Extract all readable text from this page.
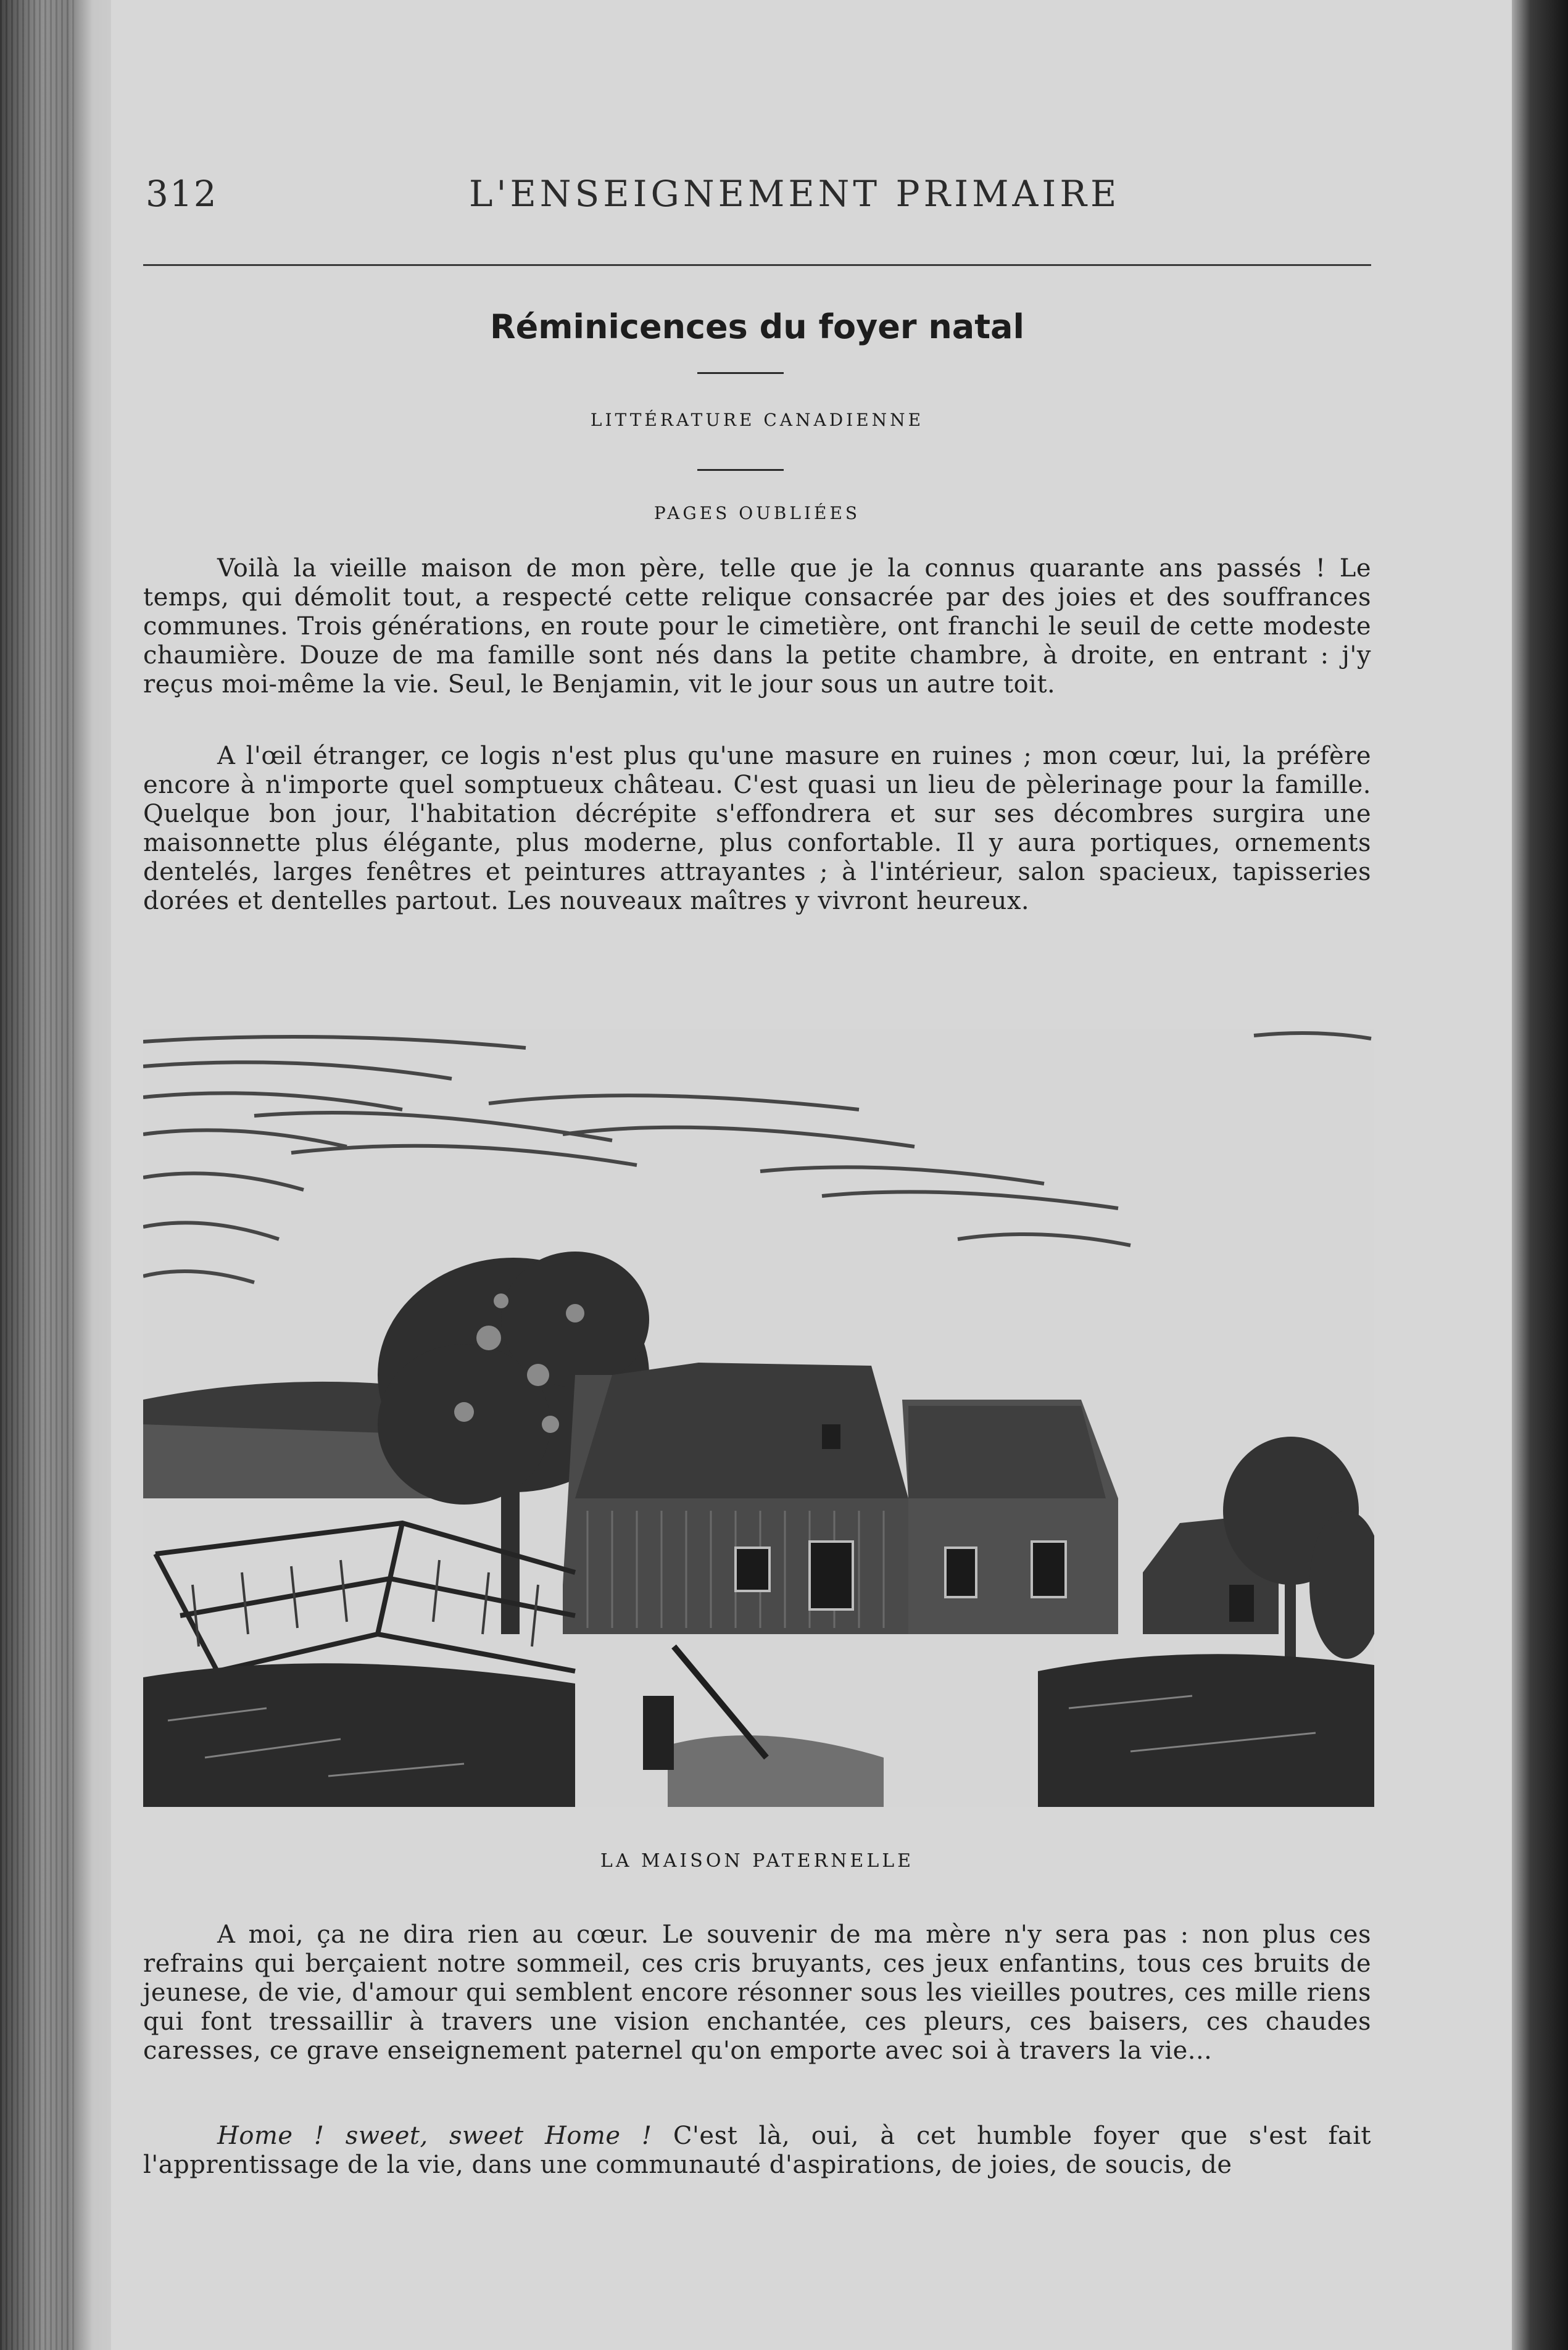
312	L'ENSEIGNEMENT PRIMAIRE
Réminicences du foyer natal
LITTÉRATURE CANADIENNE
PAGES OUBLIÉES

Voilà la vieille maison de mon père, telle que je la connus quarante ans passés ! Le temps, qui démolit tout, a respecté cette relique consacrée par des joies et des souffrances communes. Trois générations, en route pour le cimetière, ont franchi le seuil de cette modeste chaumière. Douze de ma famille sont nés dans la petite chambre, à droite, en entrant : j'y reçus moi-même la vie. Seul, le Benjamin, vit le jour sous un autre toit.

A l'œil étranger, ce logis n'est plus qu'une masure en ruines ; mon cœur, lui, la préfère encore à n'importe quel somptueux château. C'est quasi un lieu de pèlerinage pour la famille. Quelque bon jour, l'habitation décrépite s'effondrera et sur ses décombres surgira une maisonnette plus élégante, plus moderne, plus confortable. Il y aura portiques, ornements dentelés, larges fenêtres et peintures attrayantes ; à l'intérieur, salon spacieux, tapisseries dorées et dentelles partout. Les nouveaux maîtres y vivront heureux.

LA MAISON PATERNELLE

A moi, ça ne dira rien au cœur. Le souvenir de ma mère n'y sera pas : non plus ces refrains qui berçaient notre sommeil, ces cris bruyants, ces jeux enfantins, tous ces bruits de jeunese, de vie, d'amour qui semblent encore résonner sous les vieilles poutres, ces mille riens qui font tressaillir à travers une vision enchantée, ces pleurs, ces baisers, ces chaudes caresses, ce grave enseignement paternel qu'on emporte avec soi à travers la vie...

Home ! sweet, sweet Home ! C'est là, oui, à cet humble foyer que s'est fait l'apprentissage de la vie, dans une communauté d'aspirations, de joies, de soucis, de
